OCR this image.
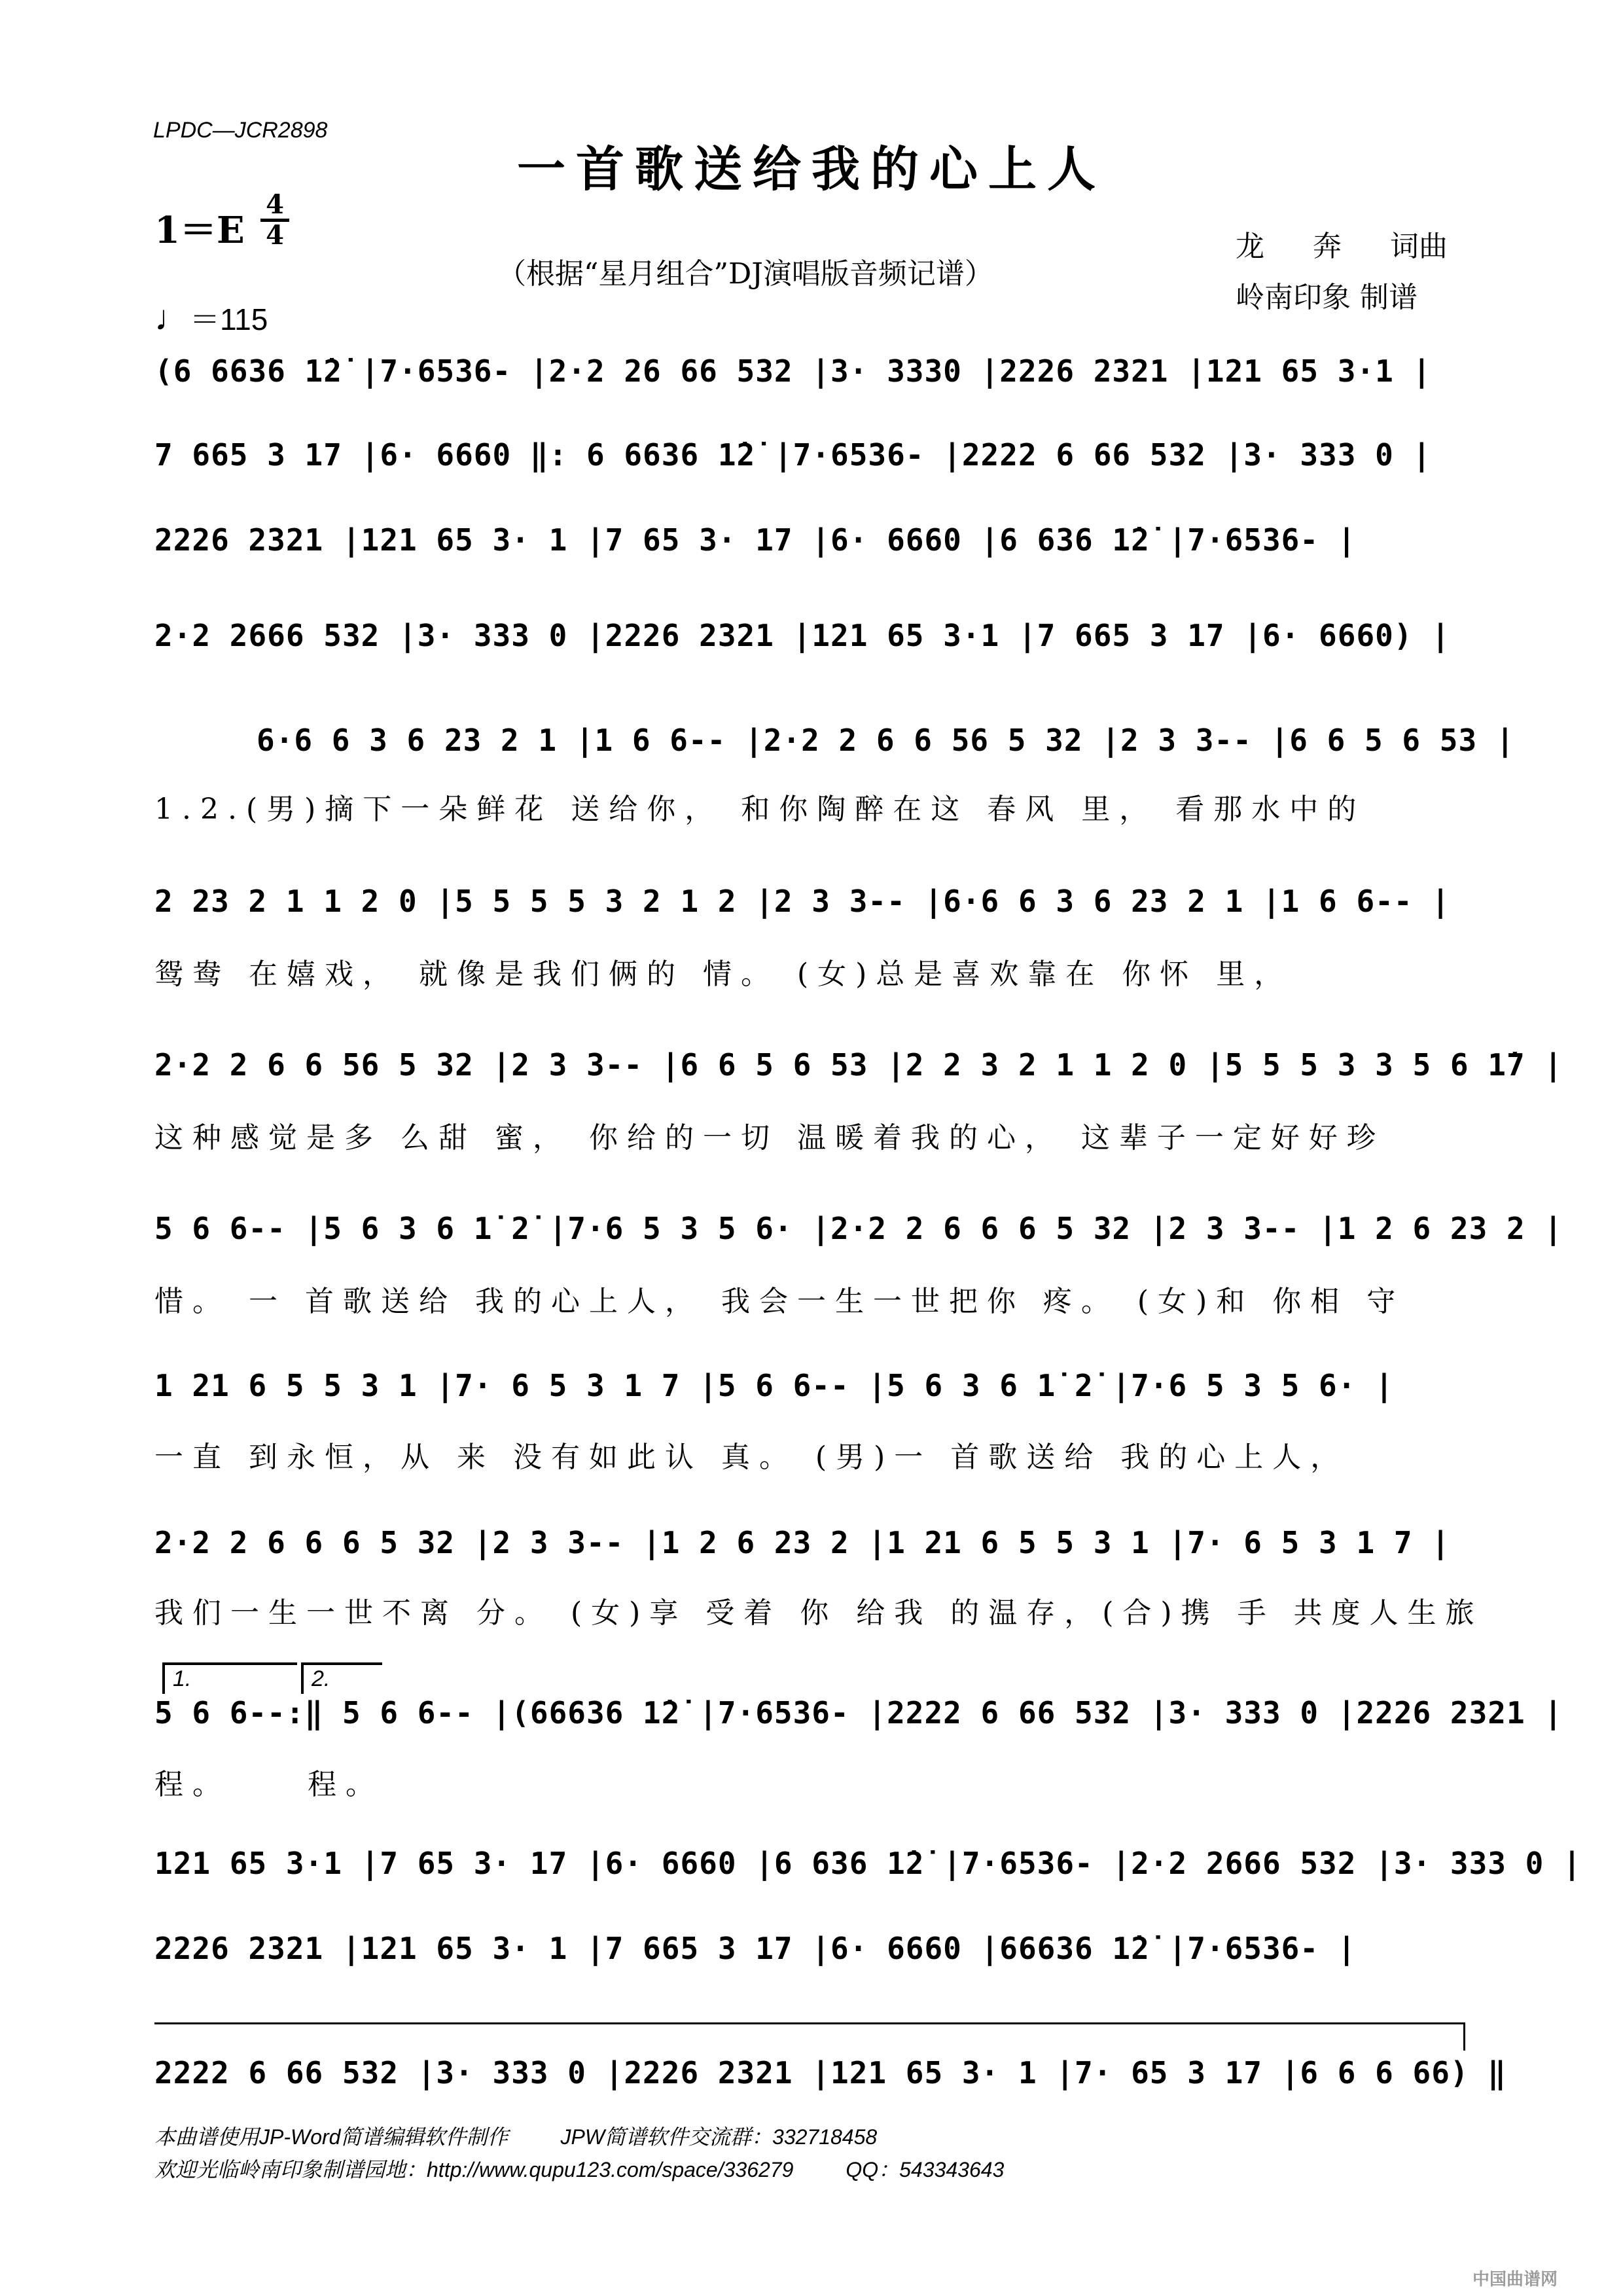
LPDC—JCR2898
一首歌送给我的心上人
1＝E
4
4
（根据“星月组合”DJ演唱版音频记谱）
龙 奔 词曲
岭南印象 制谱
♩＝115
(6 6636 1̇2̇ |7·6536- |2·2 26 66 532 |3· 3330 |2226 2321 |121 65 3·1 |
7 665 3 17 |6· 6660 ‖: 6 6636 1̇2̇ |7·6536- |2222 6 66 532 |3· 333 0 |
2226 2321 |121 65 3· 1 |7 65 3· 17 |6· 6660 |6 636 1̇2̇ |7·6536- |
2·2 2666 532 |3· 333 0 |2226 2321 |121 65 3·1 |7 665 3 17 |6· 6660) |
6·6 6 3 6 23 2 1 |1 6 6-- |2·2 2 6 6 56 5 32 |2 3 3-- |6 6 5 6 53 |
1.2.(男)摘下一朵鲜花 送给你， 和你陶醉在这 春风 里， 看那水中的
2 23 2 1 1 2 0 |5 5 5 5 3 2 1 2 |2 3 3-- |6·6 6 3 6 23 2 1 |1 6 6-- |
鸳鸯 在嬉戏， 就像是我们俩的 情。 (女)总是喜欢靠在 你怀 里，
2·2 2 6 6 56 5 32 |2 3 3-- |6 6 5 6 53 |2 2 3 2 1 1 2 0 |5 5 5 3 3 5 6 1̇7 |
这种感觉是多 么甜 蜜， 你给的一切 温暖着我的心， 这辈子一定好好珍
5 6 6-- |5 6 3 6 1̇ 2̇ |7·6 5 3 5 6· |2·2 2 6 6 6 5 32 |2 3 3-- |1 2 6 23 2 |
惜。 一 首歌送给 我的心上人， 我会一生一世把你 疼。 (女)和 你相 守
1 21 6 5 5 3 1 |7· 6 5 3 1 7 |5 6 6-- |5 6 3 6 1̇ 2̇ |7·6 5 3 5 6· |
一直 到永恒，从 来 没有如此认 真。 (男)一 首歌送给 我的心上人，
2·2 2 6 6 6 5 32 |2 3 3-- |1 2 6 23 2 |1 21 6 5 5 3 1 |7· 6 5 3 1 7 |
我们一生一世不离 分。 (女)享 受着 你 给我 的温存，(合)携 手 共度人生旅
1.	2.
5 6 6--:‖ 5 6 6-- |(66636 1̇2̇ |7·6536- |2222 6 66 532 |3· 333 0 |2226 2321 |
程。	程。
121 65 3·1 |7 65 3· 17 |6· 6660 |6 636 1̇2̇ |7·6536- |2·2 2666 532 |3· 333 0 |
2226 2321 |121 65 3· 1 |7 665 3 17 |6· 6660 |66636 1̇2̇ |7·6536- |
2222 6 66 532 |3· 333 0 |2226 2321 |121 65 3· 1 |7· 65 3 17 |6 6 6 66) ‖
本曲谱使用JP-Word简谱编辑软件制作	JPW简谱软件交流群：332718458
欢迎光临岭南印象制谱园地：http://www.qupu123.com/space/336279	QQ：543343643
中国曲谱网
